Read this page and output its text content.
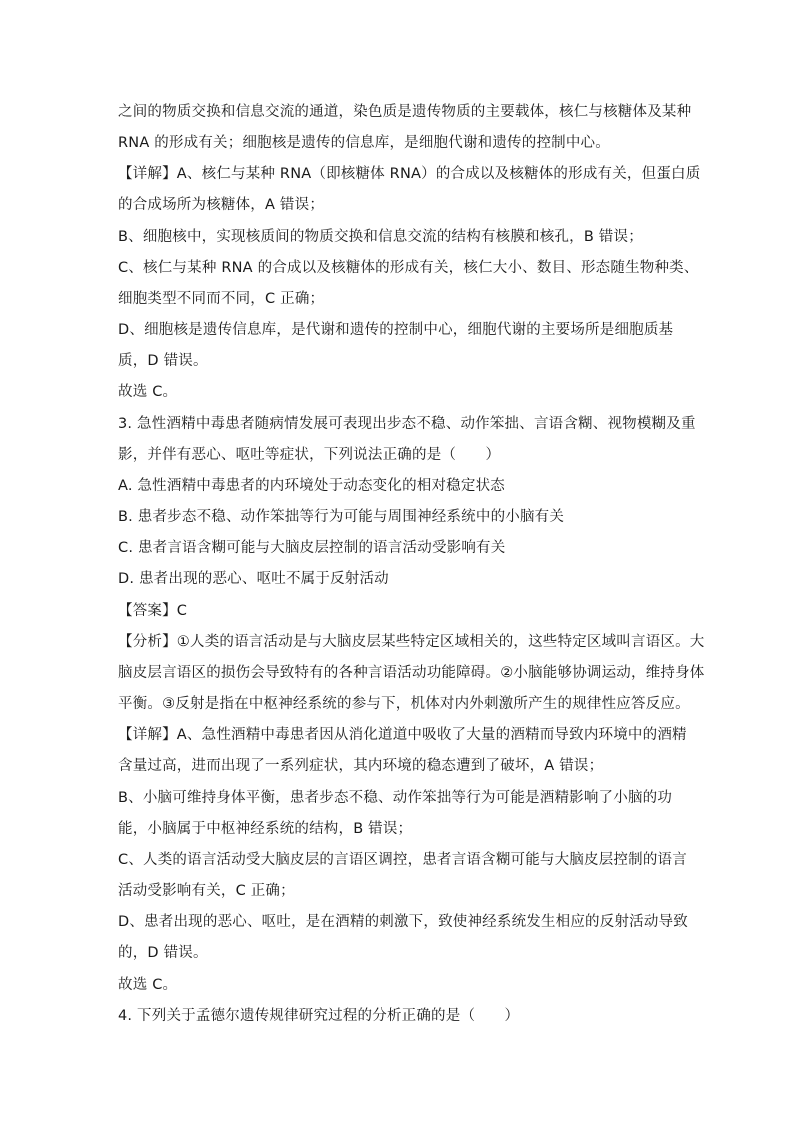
之间的物质交换和信息交流的通道，染色质是遗传物质的主要载体，核仁与核糖体及某种
RNA 的形成有关；细胞核是遗传的信息库，是细胞代谢和遗传的控制中心。
【详解】A、核仁与某种 RNA（即核糖体 RNA）的合成以及核糖体的形成有关，但蛋白质
的合成场所为核糖体，A 错误；
B、细胞核中，实现核质间的物质交换和信息交流的结构有核膜和核孔，B 错误；
C、核仁与某种 RNA 的合成以及核糖体的形成有关，核仁大小、数目、形态随生物种类、
细胞类型不同而不同，C 正确；
D、细胞核是遗传信息库，是代谢和遗传的控制中心，细胞代谢的主要场所是细胞质基
质，D 错误。
故选 C。
3. 急性酒精中毒患者随病情发展可表现出步态不稳、动作笨拙、言语含糊、视物模糊及重
影，并伴有恶心、呕吐等症状，下列说法正确的是（　　）
A. 急性酒精中毒患者的内环境处于动态变化的相对稳定状态
B. 患者步态不稳、动作笨拙等行为可能与周围神经系统中的小脑有关
C. 患者言语含糊可能与大脑皮层控制的语言活动受影响有关
D. 患者出现的恶心、呕吐不属于反射活动
【答案】C
【分析】①人类的语言活动是与大脑皮层某些特定区域相关的，这些特定区域叫言语区。大
脑皮层言语区的损伤会导致特有的各种言语活动功能障碍。②小脑能够协调运动，维持身体
平衡。③反射是指在中枢神经系统的参与下，机体对内外刺激所产生的规律性应答反应。
【详解】A、急性酒精中毒患者因从消化道道中吸收了大量的酒精而导致内环境中的酒精
含量过高，进而出现了一系列症状，其内环境的稳态遭到了破坏，A 错误；
B、小脑可维持身体平衡，患者步态不稳、动作笨拙等行为可能是酒精影响了小脑的功
能，小脑属于中枢神经系统的结构，B 错误；
C、人类的语言活动受大脑皮层的言语区调控，患者言语含糊可能与大脑皮层控制的语言
活动受影响有关，C 正确；
D、患者出现的恶心、呕吐，是在酒精的刺激下，致使神经系统发生相应的反射活动导致
的，D 错误。
故选 C。
4. 下列关于孟德尔遗传规律研究过程的分析正确的是（　　）
